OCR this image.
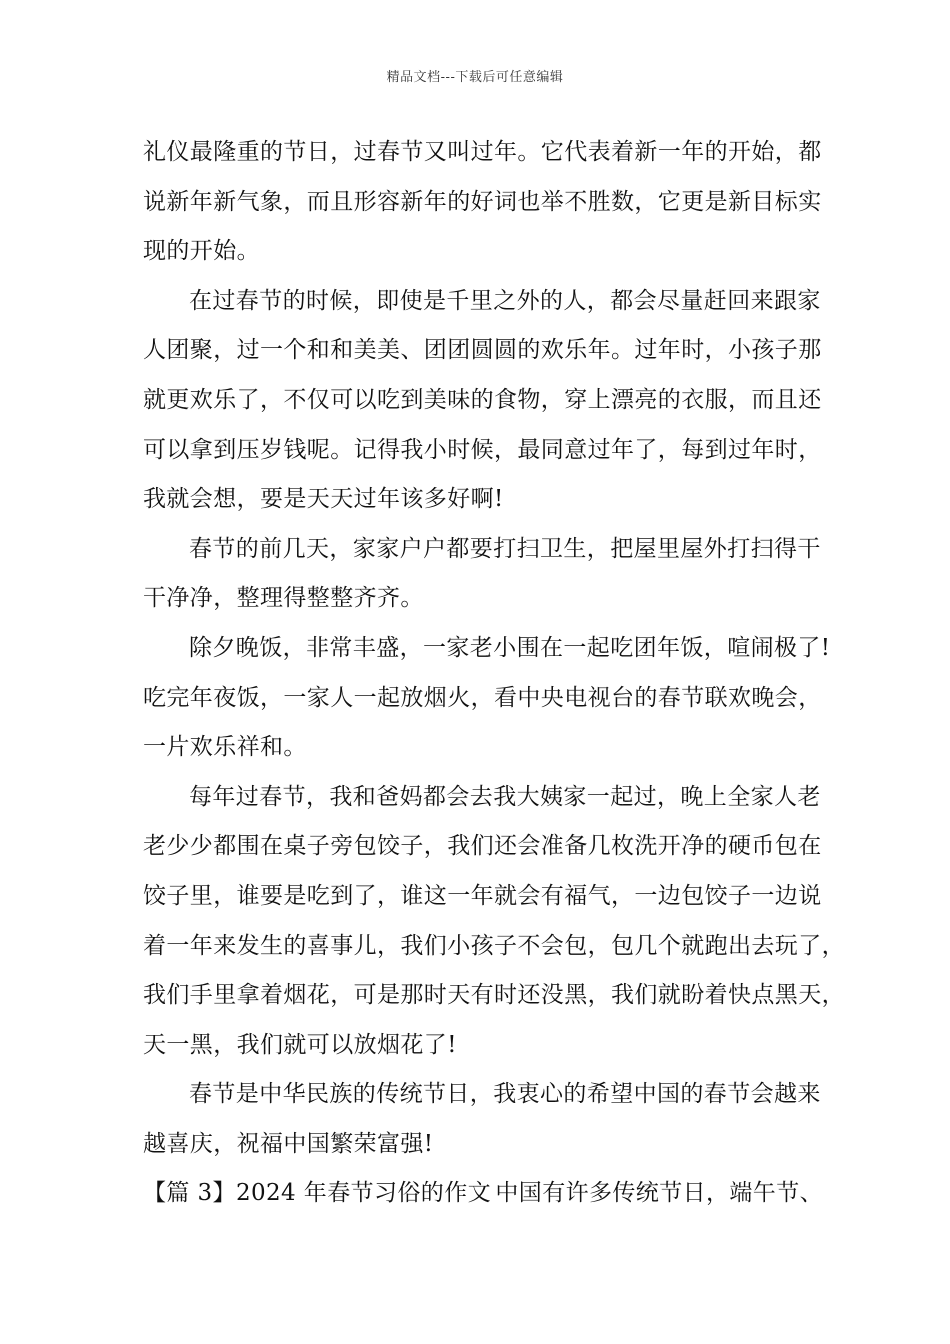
精品文档---下载后可任意编辑
礼仪最隆重的节日，过春节又叫过年。它代表着新一年的开始，都
说新年新气象，而且形容新年的好词也举不胜数，它更是新目标实
现的开始。
在过春节的时候，即使是千里之外的人，都会尽量赶回来跟家
人团聚，过一个和和美美、团团圆圆的欢乐年。过年时，小孩子那
就更欢乐了，不仅可以吃到美味的食物，穿上漂亮的衣服，而且还
可以拿到压岁钱呢。记得我小时候，最同意过年了，每到过年时，
我就会想，要是天天过年该多好啊!
春节的前几天，家家户户都要打扫卫生，把屋里屋外打扫得干
干净净，整理得整整齐齐。
除夕晚饭，非常丰盛，一家老小围在一起吃团年饭，喧闹极了!
吃完年夜饭，一家人一起放烟火，看中央电视台的春节联欢晚会，
一片欢乐祥和。
每年过春节，我和爸妈都会去我大姨家一起过，晚上全家人老
老少少都围在桌子旁包饺子，我们还会准备几枚洗开净的硬币包在
饺子里，谁要是吃到了，谁这一年就会有福气，一边包饺子一边说
着一年来发生的喜事儿，我们小孩子不会包，包几个就跑出去玩了，
我们手里拿着烟花，可是那时天有时还没黑，我们就盼着快点黑天，
天一黑，我们就可以放烟花了!
春节是中华民族的传统节日，我衷心的希望中国的春节会越来
越喜庆，祝福中国繁荣富强!
【篇 3】2024 年春节习俗的作文 中国有许多传统节日，端午节、
